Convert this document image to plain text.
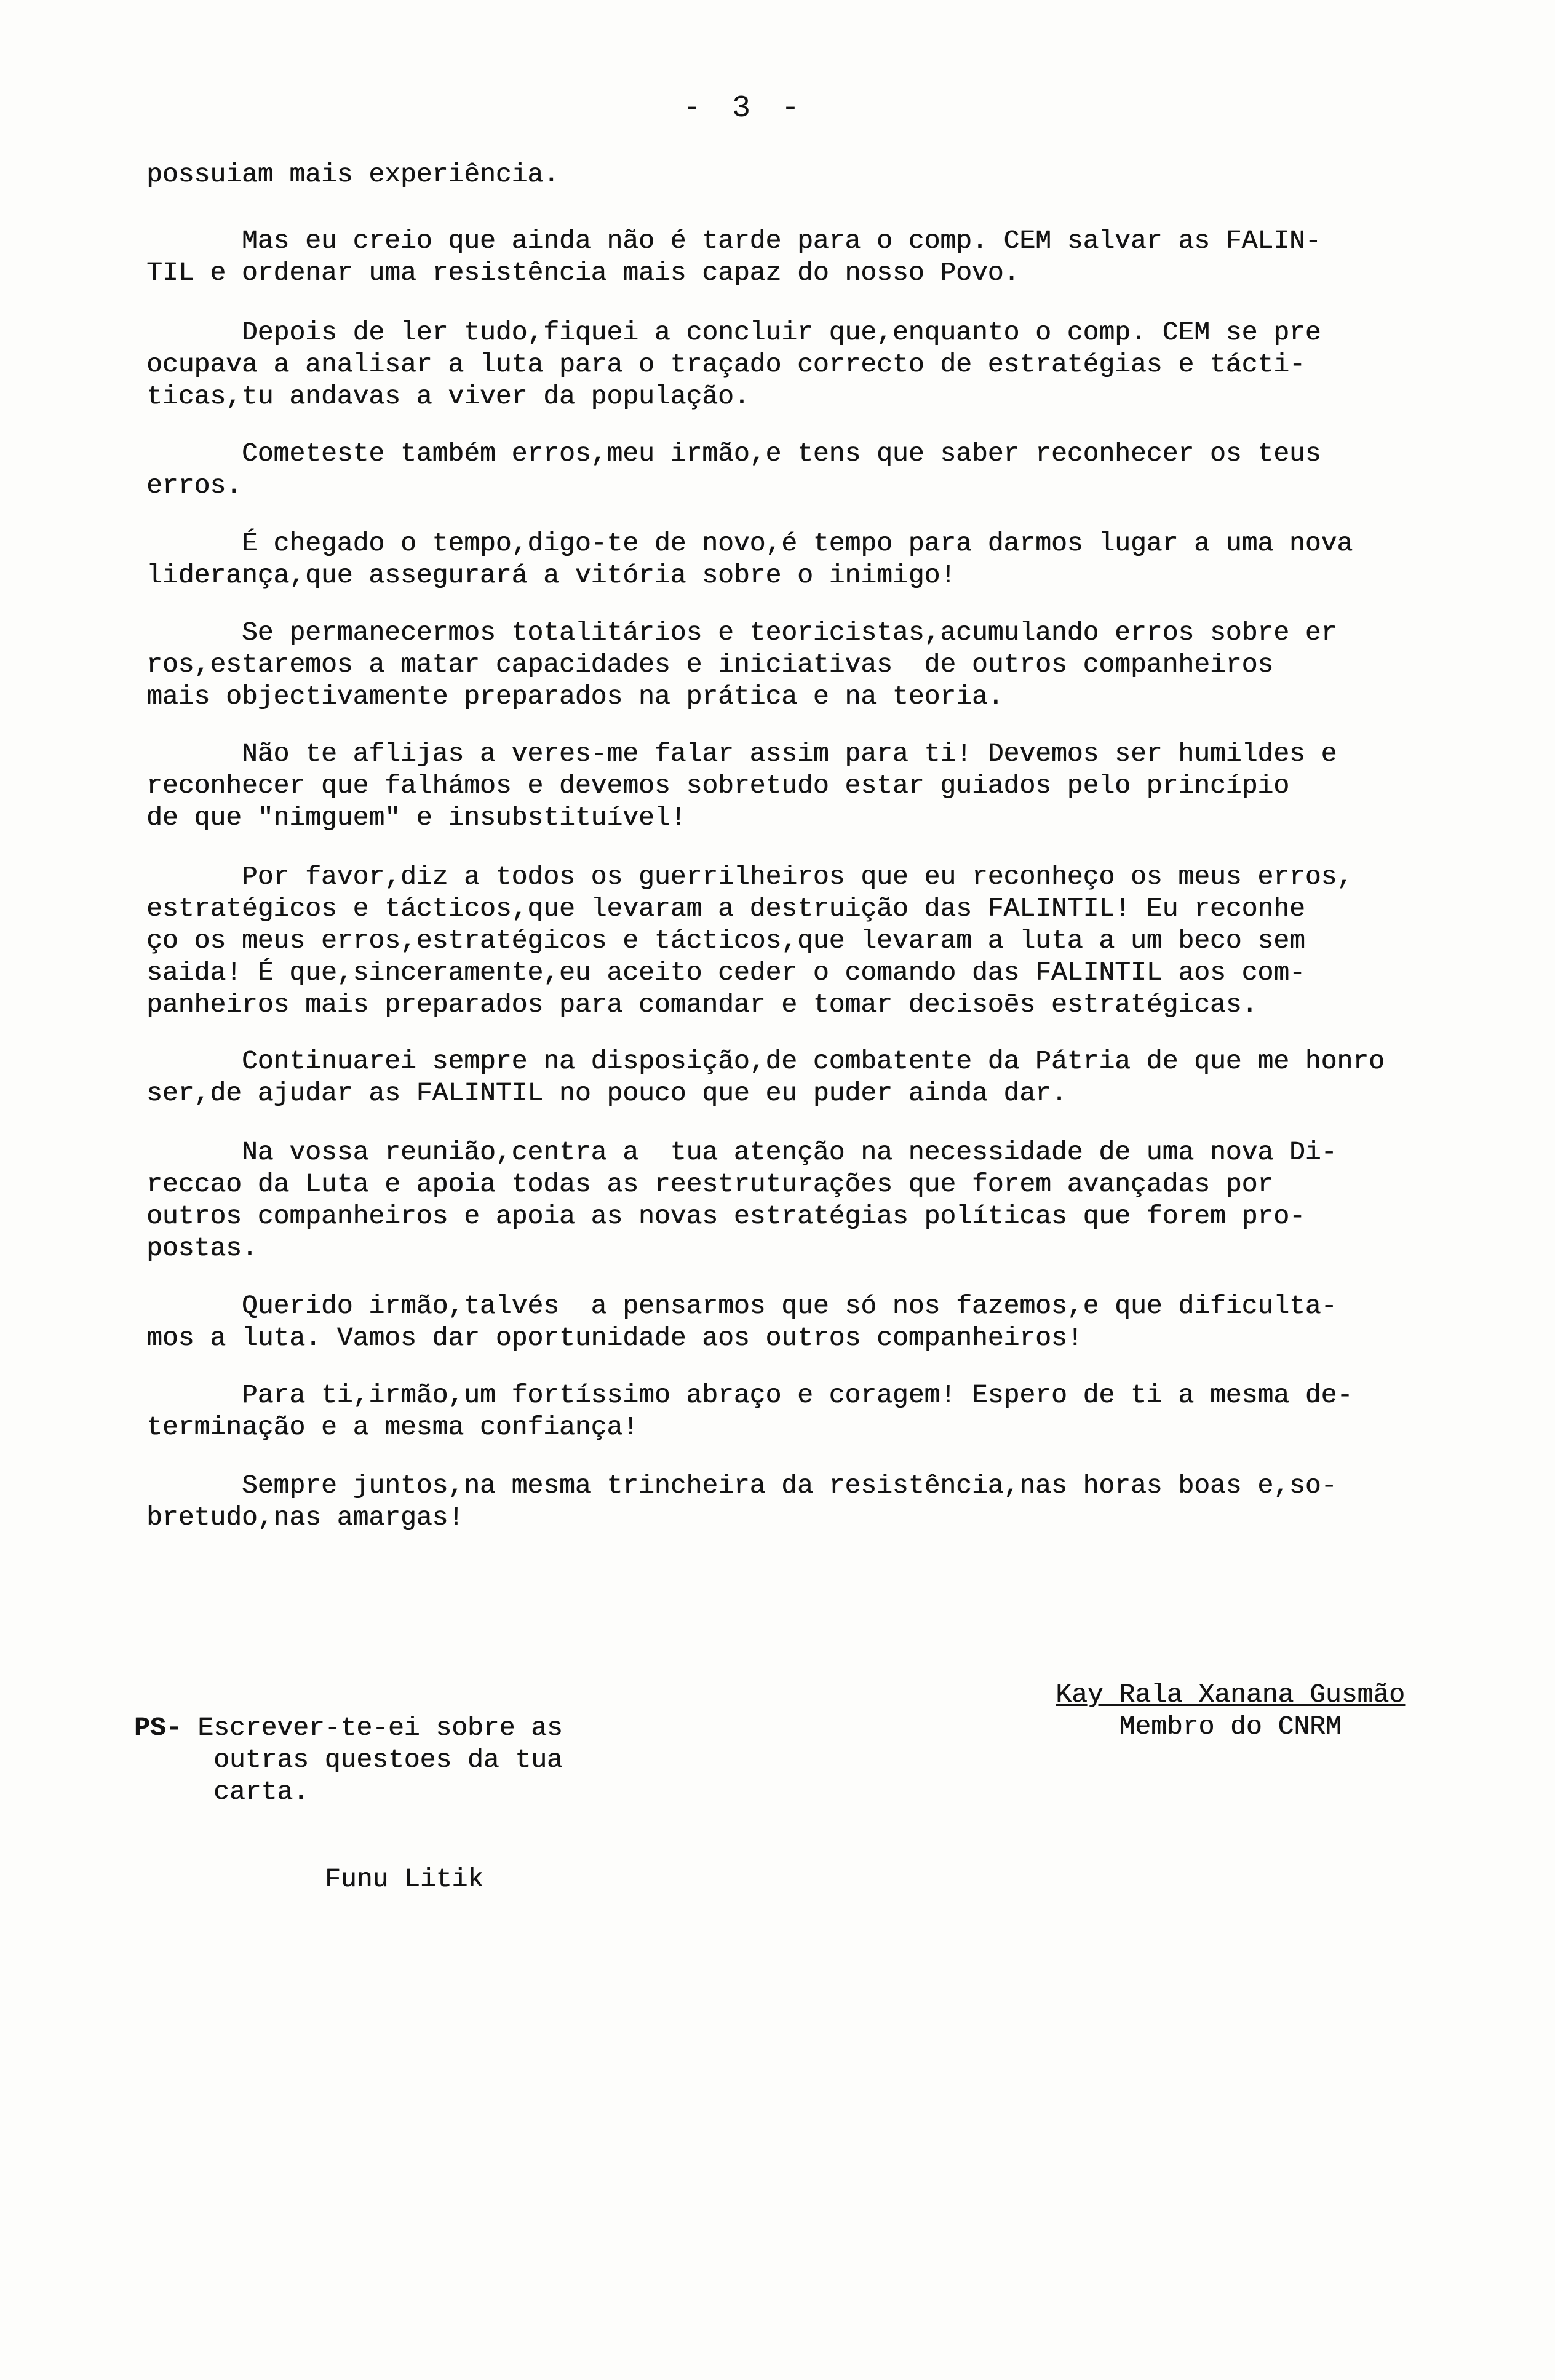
- 3 -

possuiam mais experiência.

Mas eu creio que ainda não é tarde para o comp. CEM salvar as FALIN-
TIL e ordenar uma resistência mais capaz do nosso Povo.

Depois de ler tudo,fiquei a concluir que,enquanto o comp. CEM se pre
ocupava a analisar a luta para o traçado correcto de estratégias e tácti-
ticas,tu andavas a viver da população.

Cometeste também erros,meu irmão,e tens que saber reconhecer os teus
erros.

É chegado o tempo,digo-te de novo,é tempo para darmos lugar a uma nova
liderança,que assegurará a vitória sobre o inimigo!

Se permanecermos totalitários e teoricistas,acumulando erros sobre er
ros,estaremos a matar capacidades e iniciativas  de outros companheiros
mais objectivamente preparados na prática e na teoria.

Não te aflijas a veres-me falar assim para ti! Devemos ser humildes e
reconhecer que falhámos e devemos sobretudo estar guiados pelo princípio
de que "nimguem" e insubstituível!

Por favor,diz a todos os guerrilheiros que eu reconheço os meus erros,
estratégicos e tácticos,que levaram a destruição das FALINTIL! Eu reconhe
ço os meus erros,estratégicos e tácticos,que levaram a luta a um beco sem
saida! É que,sinceramente,eu aceito ceder o comando das FALINTIL aos com-
panheiros mais preparados para comandar e tomar decisoēs estratégicas.

Continuarei sempre na disposição,de combatente da Pátria de que me honro
ser,de ajudar as FALINTIL no pouco que eu puder ainda dar.

Na vossa reunião,centra a  tua atenção na necessidade de uma nova Di-
reccao da Luta e apoia todas as reestruturações que forem avançadas por
outros companheiros e apoia as novas estratégias políticas que forem pro-
postas.

Querido irmão,talvés  a pensarmos que só nos fazemos,e que dificulta-
mos a luta. Vamos dar oportunidade aos outros companheiros!

Para ti,irmão,um fortíssimo abraço e coragem! Espero de ti a mesma de-
terminação e a mesma confiança!

Sempre juntos,na mesma trincheira da resistência,nas horas boas e,so-
bretudo,nas amargas!

Kay Rala Xanana Gusmão
Membro do CNRM
PS- Escrever-te-ei sobre as
outras questoes da tua
carta.
Funu Litik
